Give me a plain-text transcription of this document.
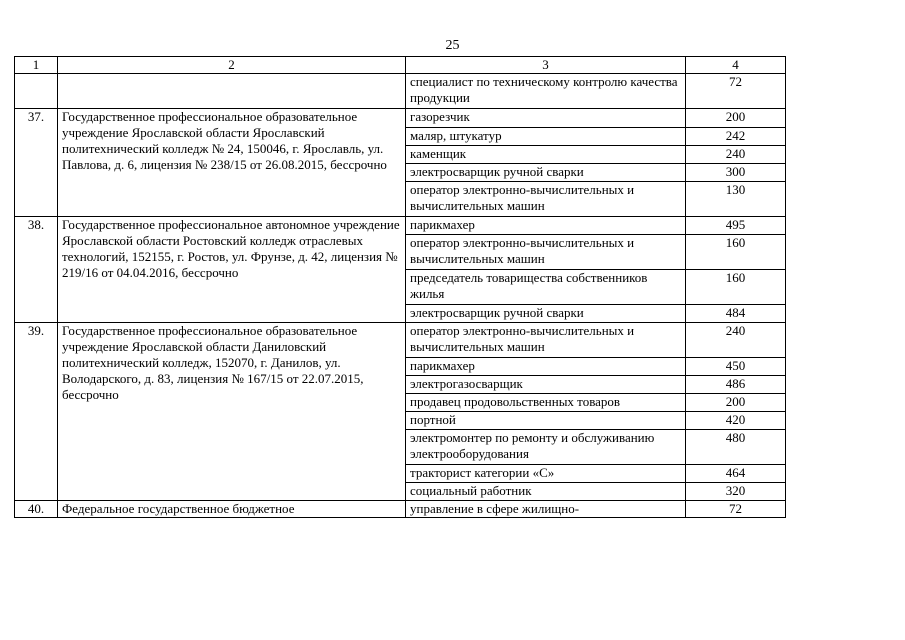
25
1	2	3	4
		специалист по техническому контролю качества продукции	72
37.	Государственное профессиональное образовательное учреждение Ярославской области Ярославский политехнический колледж № 24, 150046, г. Ярославль, ул. Павлова, д. 6, лицензия № 238/15 от 26.08.2015, бессрочно	газорезчик	200
		маляр, штукатур	242
		каменщик	240
		электросварщик ручной сварки	300
		оператор электронно-вычислительных и вычислительных машин	130
38.	Государственное профессиональное автономное учреждение Ярославской области Ростовский колледж отраслевых технологий, 152155, г. Ростов, ул. Фрунзе, д. 42, лицензия № 219/16 от 04.04.2016, бессрочно	парикмахер	495
		оператор электронно-вычислительных и вычислительных машин	160
		председатель товарищества собственников жилья	160
		электросварщик ручной сварки	484
39.	Государственное профессиональное образовательное учреждение Ярославской области Даниловский политехнический колледж, 152070, г. Данилов, ул. Володарского, д. 83, лицензия № 167/15 от 22.07.2015, бессрочно	оператор электронно-вычислительных и вычислительных машин	240
		парикмахер	450
		электрогазосварщик	486
		продавец продовольственных товаров	200
		портной	420
		электромонтер по ремонту и обслуживанию электрооборудования	480
		тракторист категории «С»	464
		социальный работник	320
40.	Федеральное государственное бюджетное	управление в сфере жилищно-	72
